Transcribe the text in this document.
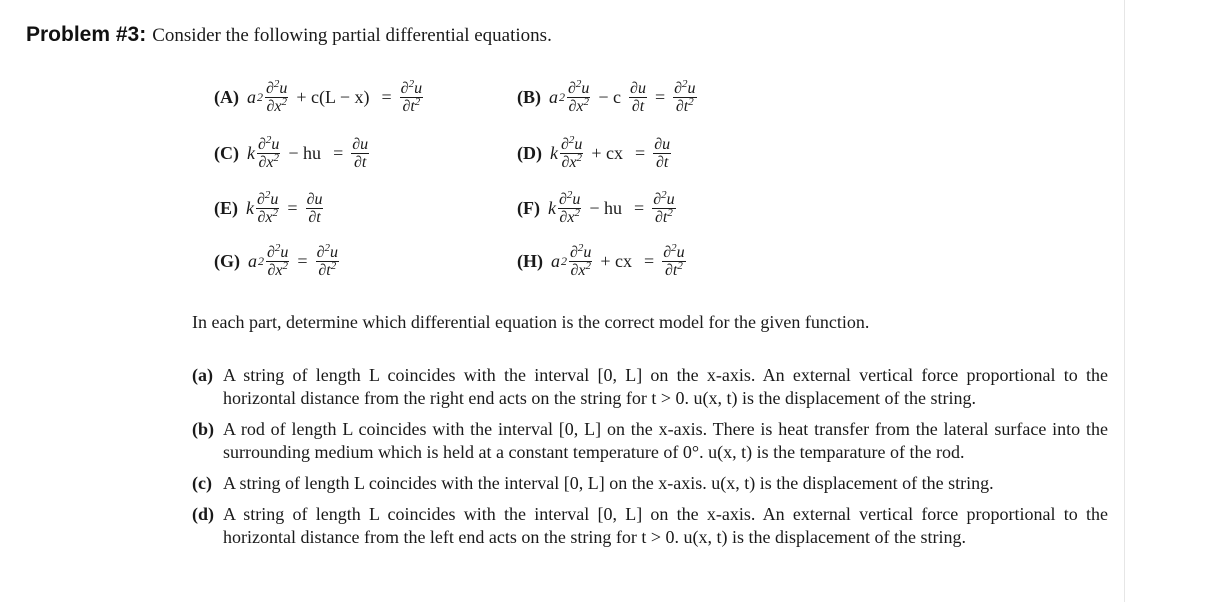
Problem #3: Consider the following partial differential equations.
(A) a $2 \frac{\partial^2u}{\partial x^2} + c(L - x) = \frac{\partial^2u}{\partial t^2}$	(B) a $2 \frac{\partial^2u}{\partial x^2} - c \frac{\partial u}{\partial t} = \frac{\partial^2u}{\partial t^2}$
(C) k $\frac{\partial^2u}{\partial x^2}$ − hu = $\frac{\partial u}{\partial t}$	(D) k $\frac{\partial^2u}{\partial x^2}$ + cx = $\frac{\partial u}{\partial t}$
(E) k $\frac{\partial^2u}{\partial x^2} = \frac{\partial u}{\partial t}$	(F) k $\frac{\partial^2u}{\partial x^2}$ − hu = $\frac{\partial^2u}{\partial t^2}$
(G) a $2 \frac{\partial^2u}{\partial x^2} = \frac{\partial^2u}{\partial t^2}$	(H) a $2 \frac{\partial^2u}{\partial x^2}$ + cx = $\frac{\partial^2u}{\partial t^2}$
In each part, determine which differential equation is the correct model for the given function.
(a) A string of length L coincides with the interval [0, L] on the x-axis. An external vertical force proportional to the horizontal distance from the right end acts on the string for t > 0. u(x, t) is the displacement of the string.
(b) A rod of length L coincides with the interval [0, L] on the x-axis. There is heat transfer from the lateral surface into the surrounding medium which is held at a constant temperature of 0°. u(x, t) is the temparature of the rod.
(c) A string of length L coincides with the interval [0, L] on the x-axis. u(x, t) is the displacement of the string.
(d) A string of length L coincides with the interval [0, L] on the x-axis. An external vertical force proportional to the horizontal distance from the left end acts on the string for t > 0. u(x, t) is the displacement of the string.
